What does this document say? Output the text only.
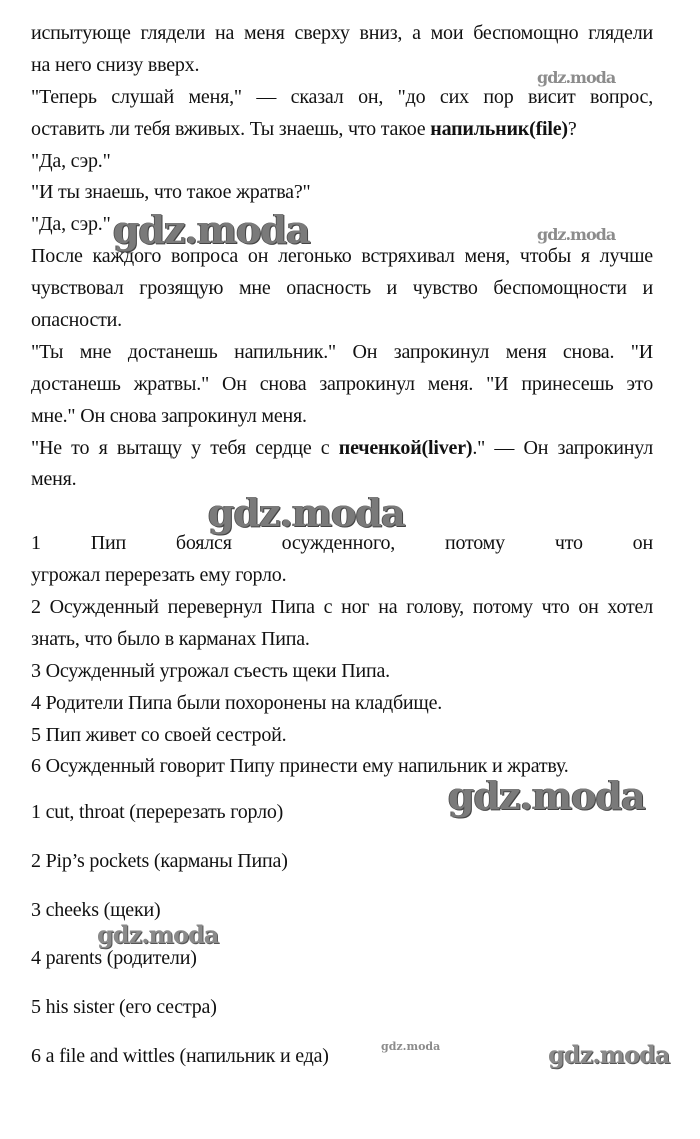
испытующе глядели на меня сверху вниз, а мои беспомощно глядели
на него снизу вверх.
"Теперь слушай меня," — сказал он, "до сих пор висит вопрос,
оставить ли тебя вживых. Ты знаешь, что такое напильник(file)?
"Да, сэр."
"И ты знаешь, что такое жратва?"
"Да, сэр."
После каждого вопроса он легонько встряхивал меня, чтобы я лучше
чувствовал грозящую мне опасность и чувство беспомощности и
опасности.
"Ты мне достанешь напильник." Он запрокинул меня снова. "И
достанешь жратвы." Он снова запрокинул меня. "И принесешь это
мне." Он снова запрокинул меня.
"Не то я вытащу у тебя сердце с печенкой(liver)." — Он запрокинул
меня.
1 Пип боялся осужденного, потому что он
угрожал перерезать ему горло.
2 Осужденный перевернул Пипа с ног на голову, потому что он хотел
знать, что было в карманах Пипа.
3 Осужденный угрожал съесть щеки Пипа.
4 Родители Пипа были похоронены на кладбище.
5 Пип живет со своей сестрой.
6 Осужденный говорит Пипу принести ему напильник и жратву.
1 cut, throat (перерезать горло)
2 Pip’s pockets (карманы Пипа)
3 cheeks (щеки)
4 parents (родители)
5 his sister (его сестра)
6 a file and wittles (напильник и еда)
gdz.moda
gdz.moda	gdz.moda
gdz.moda
gdz.moda
gdz.moda
gdz.moda	gdz.moda
